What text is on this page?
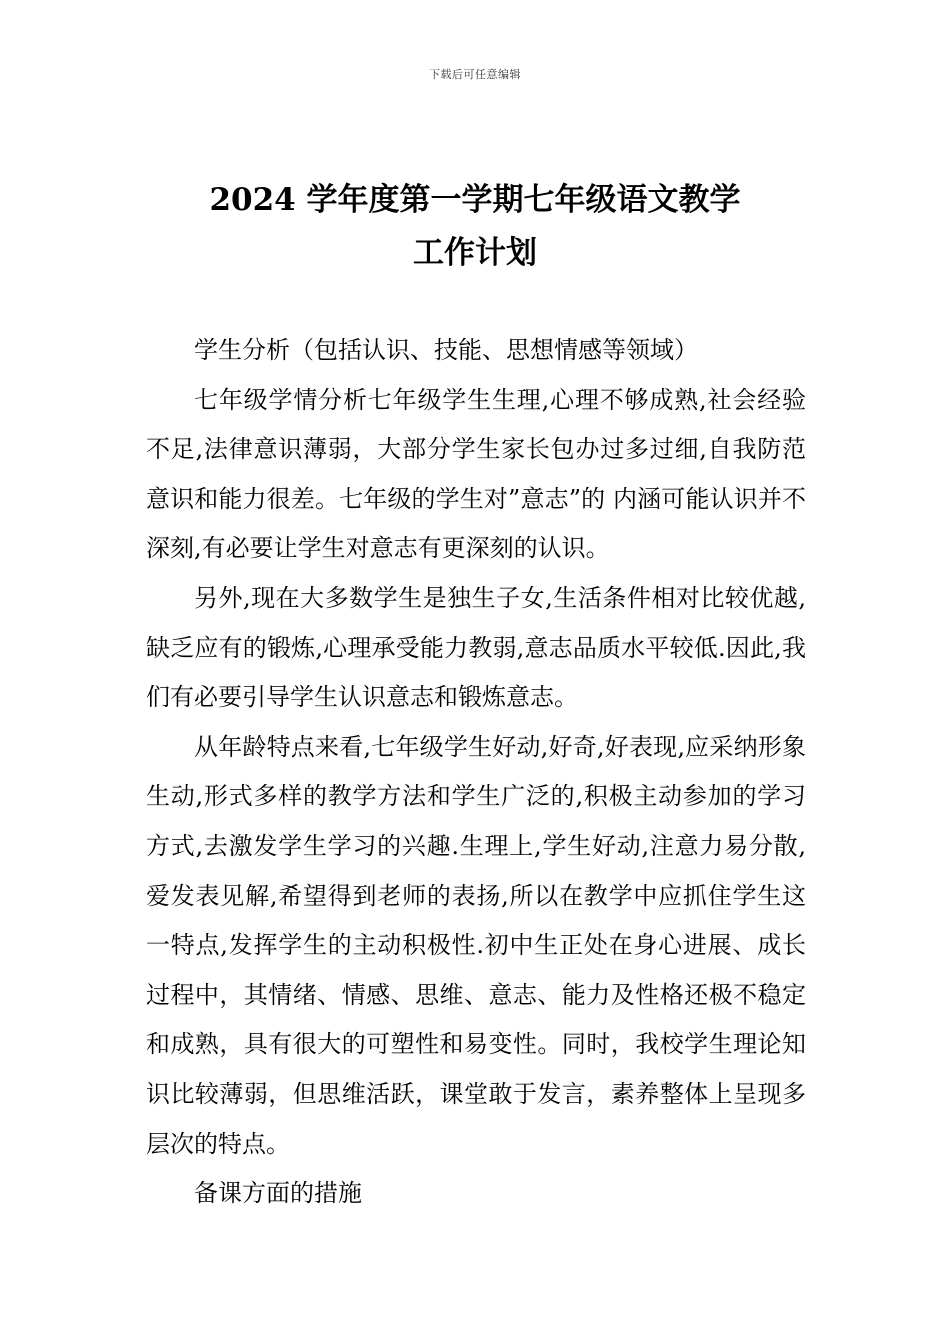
下载后可任意编辑
2024 学年度第一学期七年级语文教学
工作计划

学生分析（包括认识、技能、思想情感等领域）

七年级学情分析七年级学生生理,心理不够成熟,社会经验不足,法律意识薄弱，大部分学生家长包办过多过细,自我防范意识和能力很差。七年级的学生对”意志”的 内涵可能认识并不深刻,有必要让学生对意志有更深刻的认识。

另外,现在大多数学生是独生子女,生活条件相对比较优越,缺乏应有的锻炼,心理承受能力教弱,意志品质水平较低.因此,我们有必要引导学生认识意志和锻炼意志。

从年龄特点来看,七年级学生好动,好奇,好表现,应采纳形象生动,形式多样的教学方法和学生广泛的,积极主动参加的学习方式,去激发学生学习的兴趣.生理上,学生好动,注意力易分散,爱发表见解,希望得到老师的表扬,所以在教学中应抓住学生这一特点,发挥学生的主动积极性.初中生正处在身心进展、成长过程中，其情绪、情感、思维、意志、能力及性格还极不稳定和成熟，具有很大的可塑性和易变性。同时，我校学生理论知识比较薄弱，但思维活跃，课堂敢于发言，素养整体上呈现多层次的特点。

备课方面的措施
